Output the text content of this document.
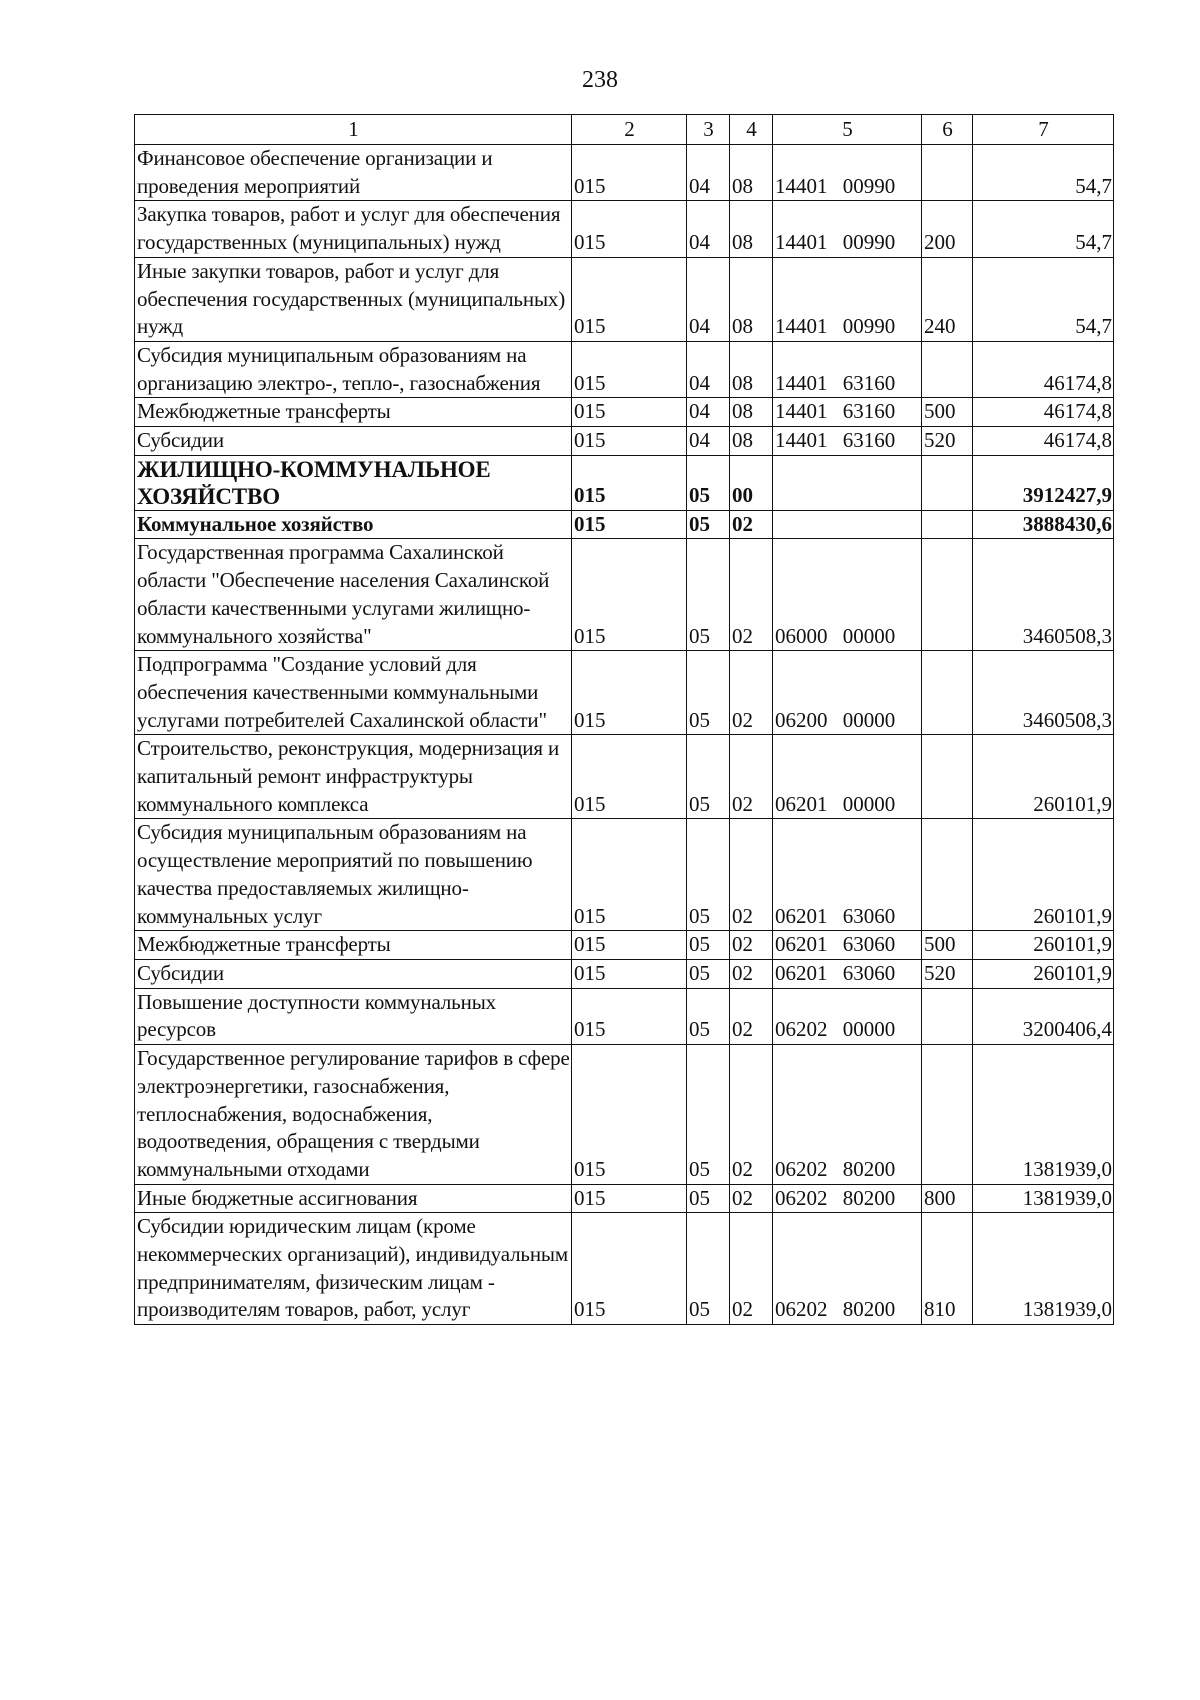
238
1	2	3	4	5	6	7
Финансовое обеспечение организации и проведения мероприятий	015	04	08	14401 00990		54,7
Закупка товаров, работ и услуг для обеспечения государственных (муниципальных) нужд	015	04	08	14401 00990	200	54,7
Иные закупки товаров, работ и услуг для обеспечения государственных (муниципальных) нужд	015	04	08	14401 00990	240	54,7
Субсидия муниципальным образованиям на организацию электро-, тепло-, газоснабжения	015	04	08	14401 63160		46174,8
Межбюджетные трансферты	015	04	08	14401 63160	500	46174,8
Субсидии	015	04	08	14401 63160	520	46174,8
ЖИЛИЩНО-КОММУНАЛЬНОЕ ХОЗЯЙСТВО	015	05	00			3912427,9
Коммунальное хозяйство	015	05	02			3888430,6
Государственная программа Сахалинской области "Обеспечение населения Сахалинской области качественными услугами жилищно-коммунального хозяйства"	015	05	02	06000 00000		3460508,3
Подпрограмма "Создание условий для обеспечения качественными коммунальными услугами потребителей Сахалинской области"	015	05	02	06200 00000		3460508,3
Строительство, реконструкция, модернизация и капитальный ремонт инфраструктуры коммунального комплекса	015	05	02	06201 00000		260101,9
Субсидия муниципальным образованиям на осуществление мероприятий по повышению качества предоставляемых жилищно-коммунальных услуг	015	05	02	06201 63060		260101,9
Межбюджетные трансферты	015	05	02	06201 63060	500	260101,9
Субсидии	015	05	02	06201 63060	520	260101,9
Повышение доступности коммунальных ресурсов	015	05	02	06202 00000		3200406,4
Государственное регулирование тарифов в сфере электроэнергетики, газоснабжения, теплоснабжения, водоснабжения, водоотведения, обращения с твердыми коммунальными отходами	015	05	02	06202 80200		1381939,0
Иные бюджетные ассигнования	015	05	02	06202 80200	800	1381939,0
Субсидии юридическим лицам (кроме некоммерческих организаций), индивидуальным предпринимателям, физическим лицам - производителям товаров, работ, услуг	015	05	02	06202 80200	810	1381939,0
